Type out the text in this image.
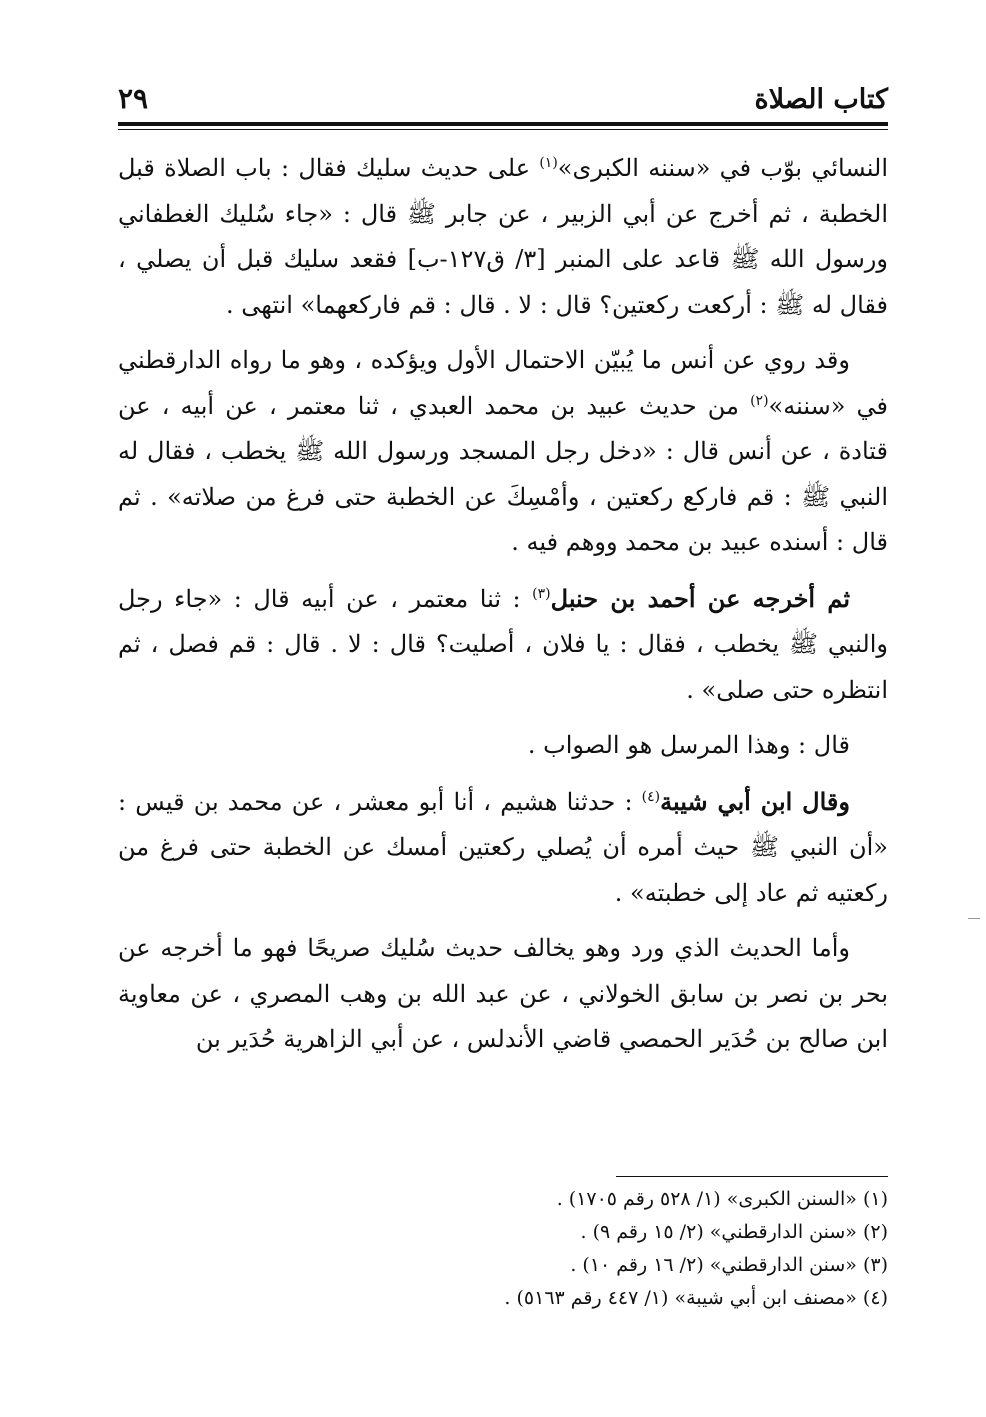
كتاب الصلاة
٢٩

النسائي بوّب في «سننه الكبرى»$^{(١)}$ على حديث سليك فقال : باب الصلاة قبل الخطبة ، ثم أخرج عن أبي الزبير ، عن جابر ﷺ قال : «جاء سُليك الغطفاني ورسول الله ﷺ قاعد على المنبر [٣/ ق١٢٧-ب] فقعد سليك قبل أن يصلي ، فقال له ﷺ : أركعت ركعتين؟ قال : لا . قال : قم فاركعهما» انتهى .

وقد روي عن أنس ما يُبيّن الاحتمال الأول ويؤكده ، وهو ما رواه الدارقطني في «سننه»$^{(٢)}$ من حديث عبيد بن محمد العبدي ، ثنا معتمر ، عن أبيه ، عن قتادة ، عن أنس قال : «دخل رجل المسجد ورسول الله ﷺ يخطب ، فقال له النبي ﷺ : قم فاركع ركعتين ، وأمْسِكَ عن الخطبة حتى فرغ من صلاته» . ثم قال : أسنده عبيد بن محمد ووهم فيه .

ثم أخرجه عن أحمد بن حنبل$^{(٣)}$ : ثنا معتمر ، عن أبيه قال : «جاء رجل والنبي ﷺ يخطب ، فقال : يا فلان ، أصليت؟ قال : لا . قال : قم فصل ، ثم انتظره حتى صلى» .

قال : وهذا المرسل هو الصواب .

وقال ابن أبي شيبة$^{(٤)}$ : حدثنا هشيم ، أنا أبو معشر ، عن محمد بن قيس : «أن النبي ﷺ حيث أمره أن يُصلي ركعتين أمسك عن الخطبة حتى فرغ من ركعتيه ثم عاد إلى خطبته» .

وأما الحديث الذي ورد وهو يخالف حديث سُليك صريحًا فهو ما أخرجه عن بحر بن نصر بن سابق الخولاني ، عن عبد الله بن وهب المصري ، عن معاوية ابن صالح بن حُدَير الحمصي قاضي الأندلس ، عن أبي الزاهرية حُدَير بن

(١) «السنن الكبرى» (١/ ٥٢٨ رقم ١٧٠٥) .
(٢) «سنن الدارقطني» (٢/ ١٥ رقم ٩) .
(٣) «سنن الدارقطني» (٢/ ١٦ رقم ١٠) .
(٤) «مصنف ابن أبي شيبة» (١/ ٤٤٧ رقم ٥١٦٣) .
